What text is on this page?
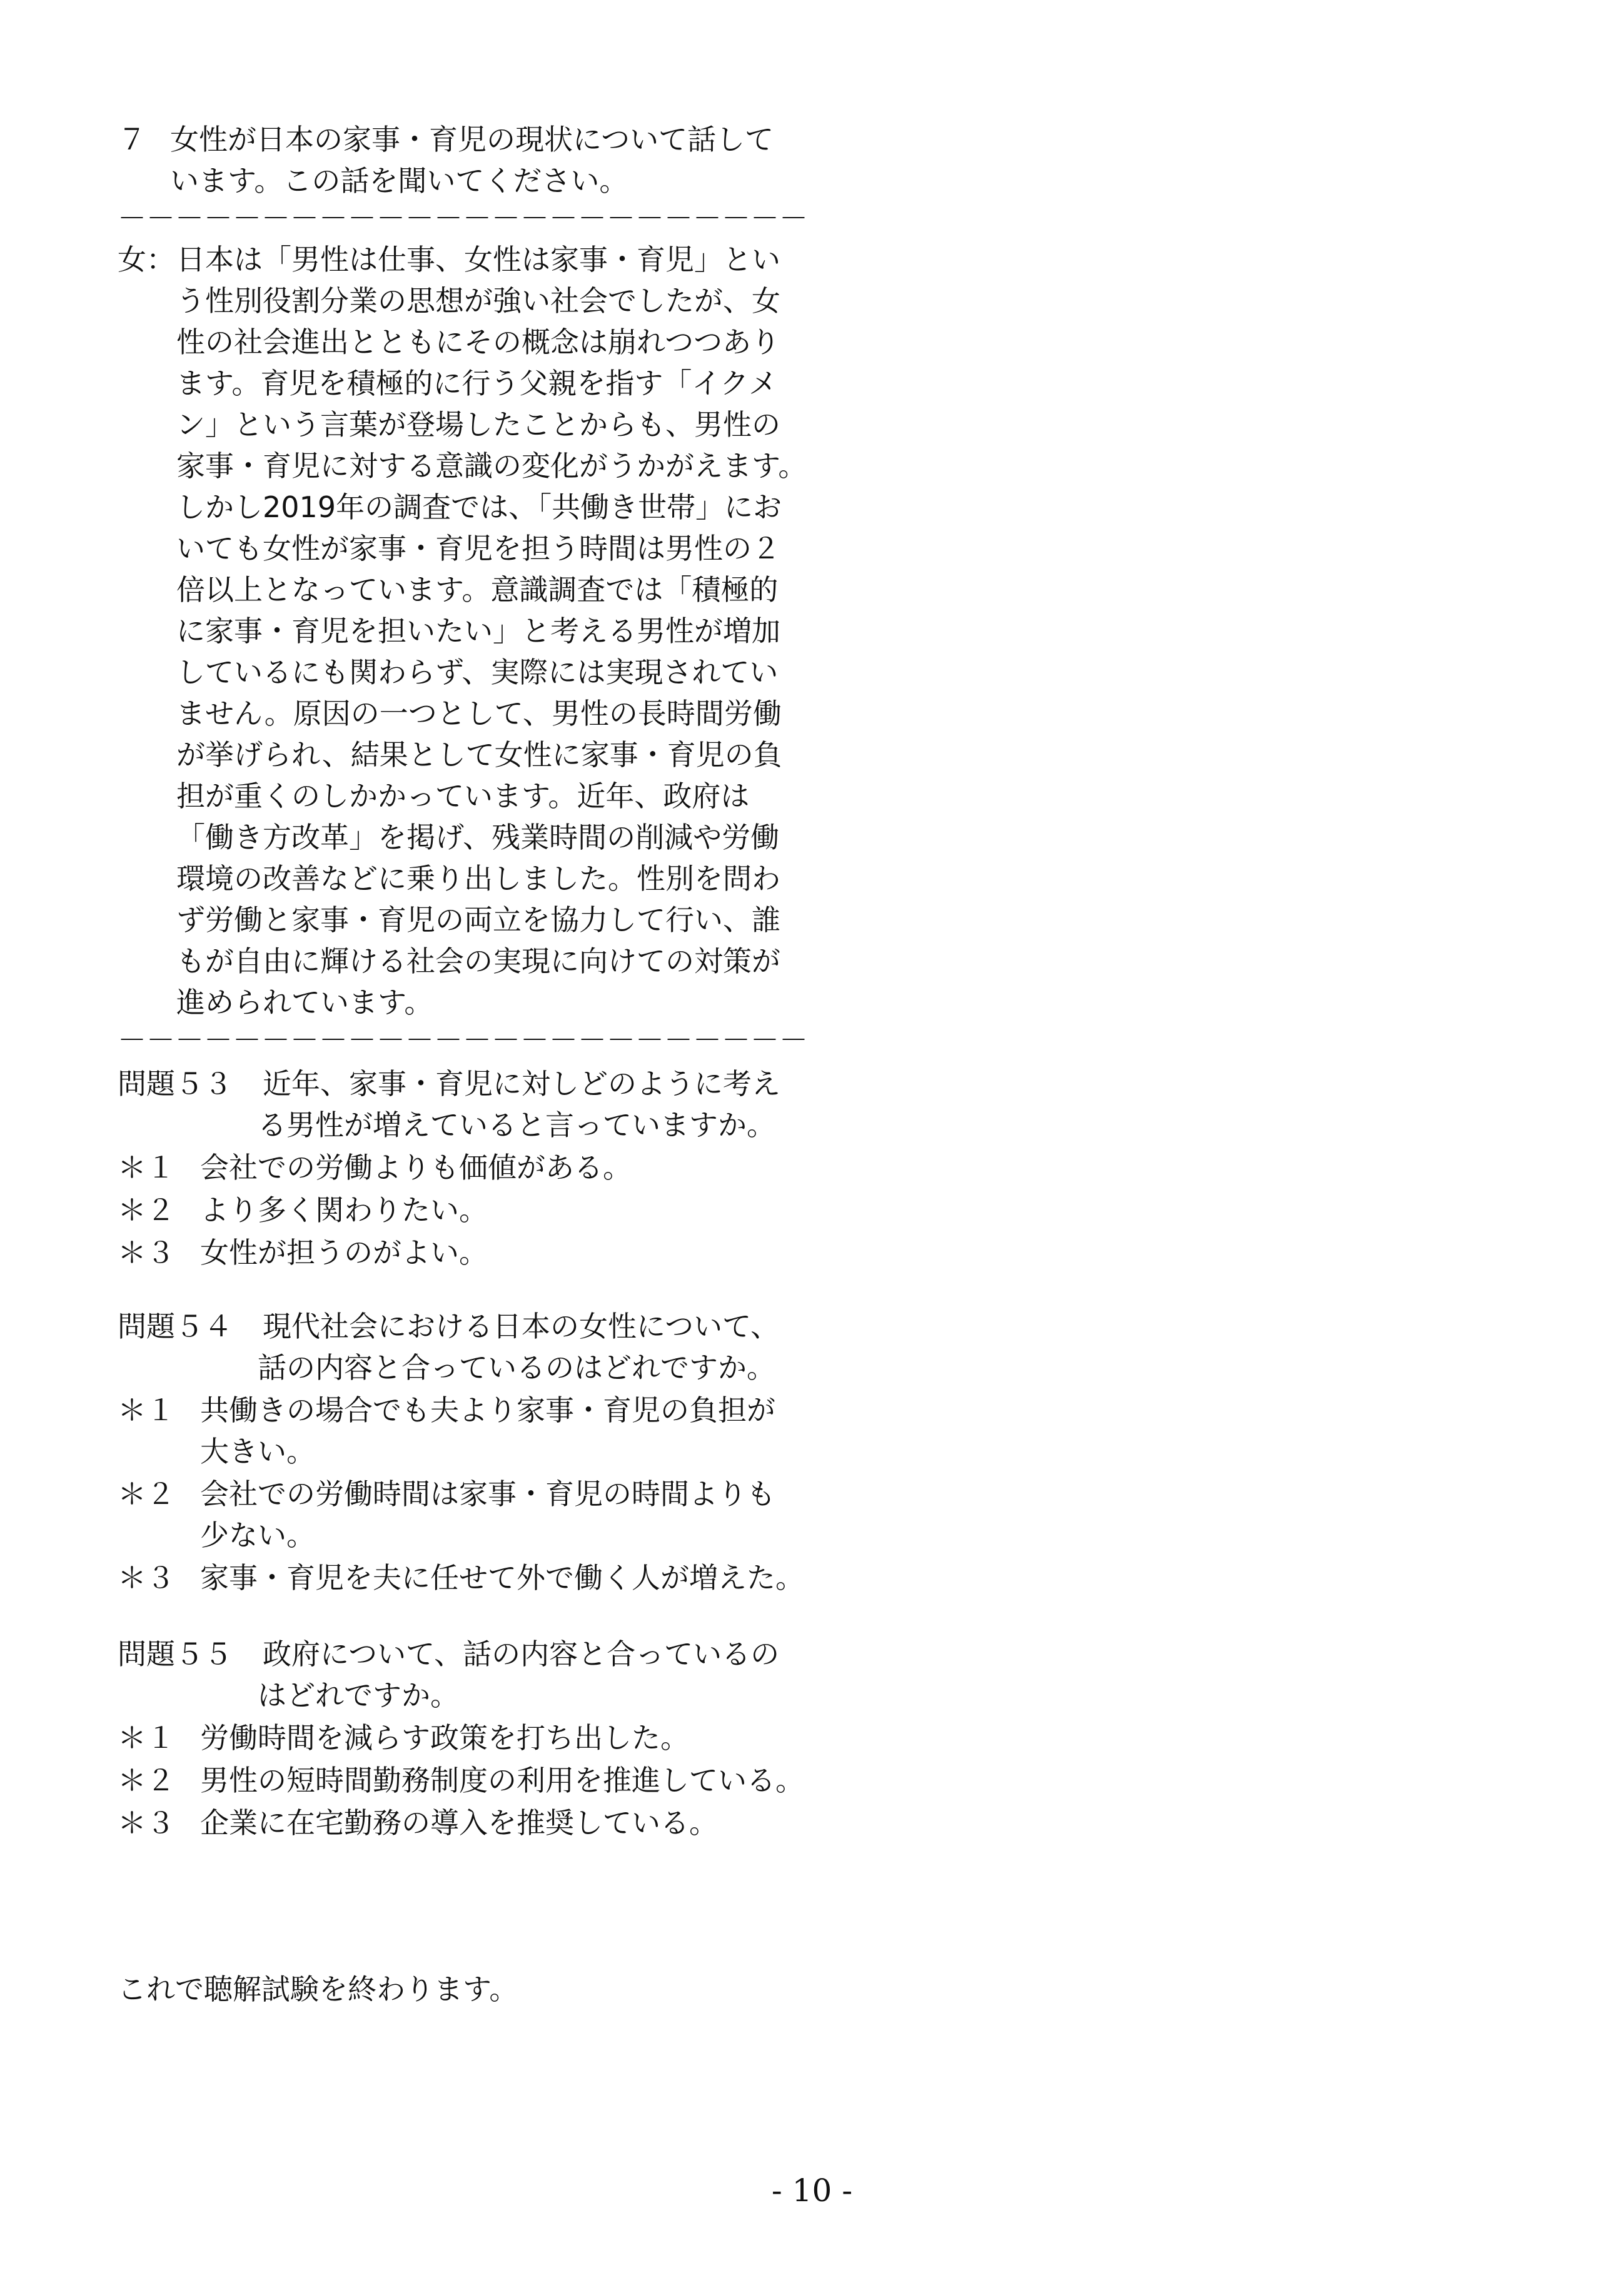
７ 女性が日本の家事・育児の現状について話して
います。この話を聞いてください。
－－－－－－－－－－－－－－－－－－－－－－－－
女： 日本は「男性は仕事、女性は家事・育児」とい
う性別役割分業の思想が強い社会でしたが、女
性の社会進出とともにその概念は崩れつつあり
ます。育児を積極的に行う父親を指す「イクメ
ン」という言葉が登場したことからも、男性の
家事・育児に対する意識の変化がうかがえます。
しかし2019年の調査では、「共働き世帯」にお
いても女性が家事・育児を担う時間は男性の２
倍以上となっています。意識調査では「積極的
に家事・育児を担いたい」と考える男性が増加
しているにも関わらず、実際には実現されてい
ません。原因の一つとして、男性の長時間労働
が挙げられ、結果として女性に家事・育児の負
担が重くのしかかっています。近年、政府は
「働き方改革」を掲げ、残業時間の削減や労働
環境の改善などに乗り出しました。性別を問わ
ず労働と家事・育児の両立を協力して行い、誰
もが自由に輝ける社会の実現に向けての対策が
進められています。
－－－－－－－－－－－－－－－－－－－－－－－－
問題５３ 近年、家事・育児に対しどのように考え
る男性が増えていると言っていますか。
＊１ 会社での労働よりも価値がある。
＊２ より多く関わりたい。
＊３ 女性が担うのがよい。
問題５４ 現代社会における日本の女性について、
話の内容と合っているのはどれですか。
＊１ 共働きの場合でも夫より家事・育児の負担が
大きい。
＊２ 会社での労働時間は家事・育児の時間よりも
少ない。
＊３ 家事・育児を夫に任せて外で働く人が増えた。
問題５５ 政府について、話の内容と合っているの
はどれですか。
＊１ 労働時間を減らす政策を打ち出した。
＊２ 男性の短時間勤務制度の利用を推進している。
＊３ 企業に在宅勤務の導入を推奨している。
これで聴解試験を終わります。
- 10 -
